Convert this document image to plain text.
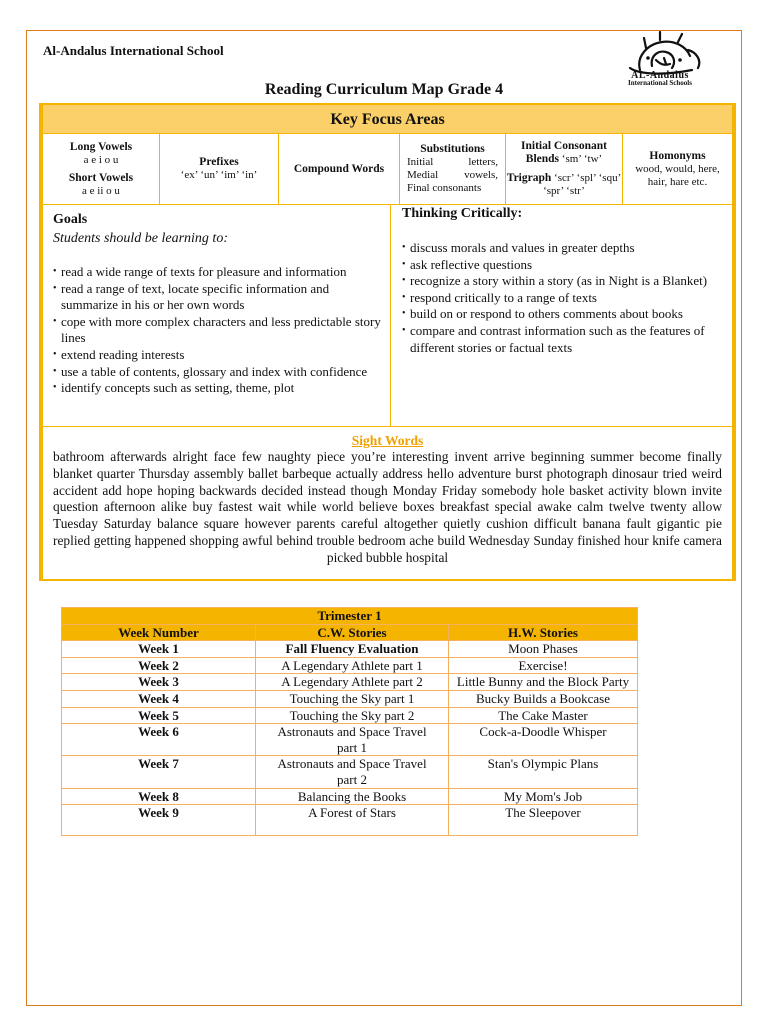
Al-Andalus International School
AL-Andalus
International Schools
Reading Curriculum Map Grade 4
Key Focus Areas
Long Vowels
a e i o u
Short Vowels
a e ii o u
Prefixes
‘ex’ ‘un’ ‘im’ ‘in’
Compound Words
Substitutions
Initial letters, Medial vowels, Final consonants
Initial Consonant Blends ‘sm’ ‘tw’
Trigraph ‘scr’ ‘spl’ ‘squ’ ‘spr’ ‘str’
Homonyms
wood, would, here, hair, hare etc.
Goals
Students should be learning to:
• read a wide range of texts for pleasure and information
• read a range of text, locate specific information and summarize in his or her own words
• cope with more complex characters and less predictable story lines
• extend reading interests
• use a table of contents, glossary and index with confidence
• identify concepts such as setting, theme, plot
Thinking Critically:
• discuss morals and values in greater depths
• ask reflective questions
• recognize a story within a story (as in Night is a Blanket)
• respond critically to a range of texts
• build on or respond to others comments about books
• compare and contrast information such as the features of different stories or factual texts
Sight Words
bathroom afterwards alright face few naughty piece you’re interesting invent arrive beginning summer become finally blanket quarter Thursday assembly ballet barbeque actually address hello adventure burst photograph dinosaur tried weird accident add hope hoping backwards decided instead though Monday Friday somebody hole basket activity blown invite question afternoon alike buy fastest wait while world believe boxes breakfast special awake calm twelve twenty allow Tuesday Saturday balance square however parents careful altogether quietly cushion difficult banana fault gigantic pie replied getting happened shopping awful behind trouble bedroom ache build Wednesday Sunday finished hour knife camera picked bubble hospital
Trimester 1		
Week Number	C.W. Stories	H.W. Stories
Week 1	Fall Fluency Evaluation	Moon Phases
Week 2	A Legendary Athlete part 1	Exercise!
Week 3	A Legendary Athlete part 2	Little Bunny and the Block Party
Week 4	Touching the Sky part 1	Bucky Builds a Bookcase
Week 5	Touching the Sky part 2	The Cake Master
Week 6	Astronauts and Space Travel part 1	Cock-a-Doodle Whisper
Week 7	Astronauts and Space Travel part 2	Stan's Olympic Plans
Week 8	Balancing the Books	My Mom's Job
Week 9	A Forest of Stars	The Sleepover
